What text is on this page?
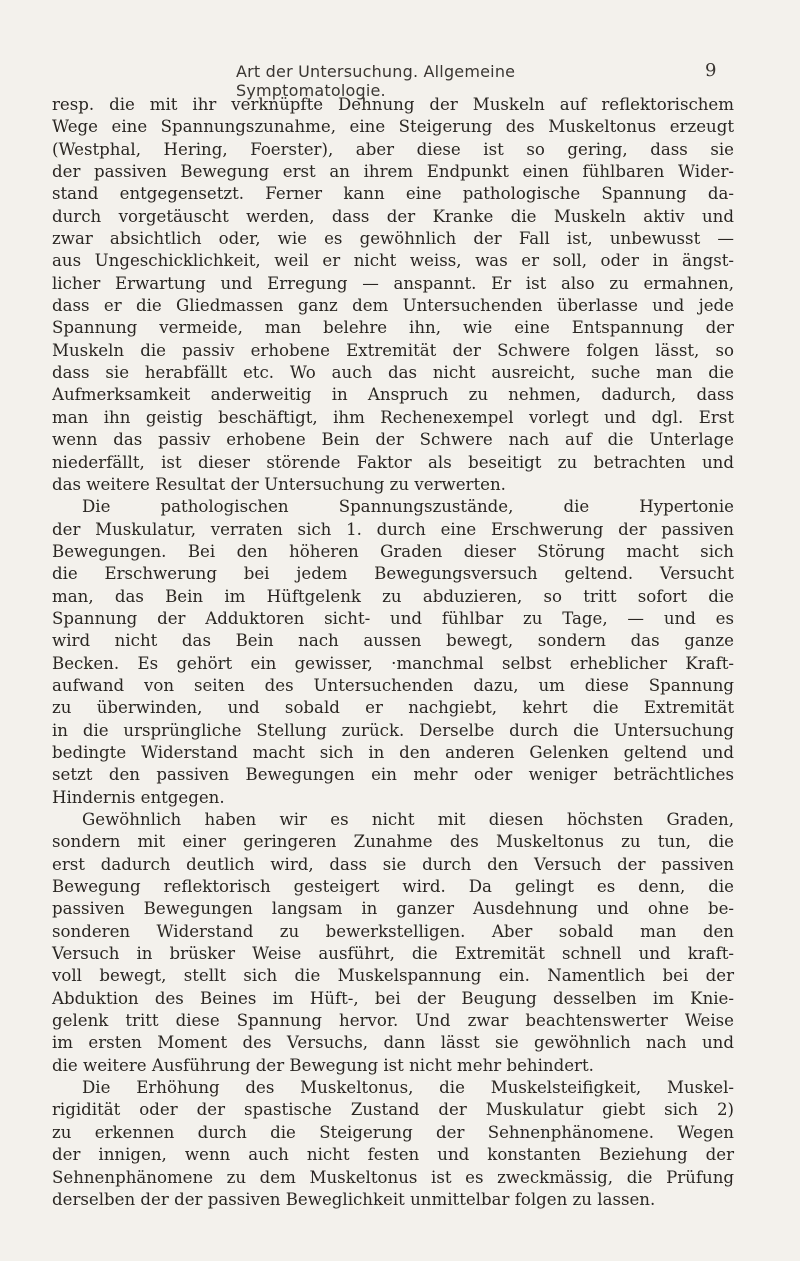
Art der Untersuchung. Allgemeine Symptomatologie.
9
resp. die mit ihr verknüpfte Dehnung der Muskeln auf reflektorischem
Wege eine Spannungszunahme, eine Steigerung des Muskeltonus erzeugt
(Westphal, Hering, Foerster), aber diese ist so gering, dass sie
der passiven Bewegung erst an ihrem Endpunkt einen fühlbaren Wider-
stand entgegensetzt. Ferner kann eine pathologische Spannung da-
durch vorgetäuscht werden, dass der Kranke die Muskeln aktiv und
zwar absichtlich oder, wie es gewöhnlich der Fall ist, unbewusst —
aus Ungeschicklichkeit, weil er nicht weiss, was er soll, oder in ängst-
licher Erwartung und Erregung — anspannt. Er ist also zu ermahnen,
dass er die Gliedmassen ganz dem Untersuchenden überlasse und jede
Spannung vermeide, man belehre ihn, wie eine Entspannung der
Muskeln die passiv erhobene Extremität der Schwere folgen lässt, so
dass sie herabfällt etc. Wo auch das nicht ausreicht, suche man die
Aufmerksamkeit anderweitig in Anspruch zu nehmen, dadurch, dass
man ihn geistig beschäftigt, ihm Rechenexempel vorlegt und dgl. Erst
wenn das passiv erhobene Bein der Schwere nach auf die Unterlage
niederfällt, ist dieser störende Faktor als beseitigt zu betrachten und
das weitere Resultat der Untersuchung zu verwerten.
Die pathologischen Spannungszustände, die Hypertonie
der Muskulatur, verraten sich 1. durch eine Erschwerung der passiven
Bewegungen. Bei den höheren Graden dieser Störung macht sich
die Erschwerung bei jedem Bewegungsversuch geltend. Versucht
man, das Bein im Hüftgelenk zu abduzieren, so tritt sofort die
Spannung der Adduktoren sicht- und fühlbar zu Tage, — und es
wird nicht das Bein nach aussen bewegt, sondern das ganze
Becken. Es gehört ein gewisser, ·manchmal selbst erheblicher Kraft-
aufwand von seiten des Untersuchenden dazu, um diese Spannung
zu überwinden, und sobald er nachgiebt, kehrt die Extremität
in die ursprüngliche Stellung zurück. Derselbe durch die Untersuchung
bedingte Widerstand macht sich in den anderen Gelenken geltend und
setzt den passiven Bewegungen ein mehr oder weniger beträchtliches
Hindernis entgegen.
Gewöhnlich haben wir es nicht mit diesen höchsten Graden,
sondern mit einer geringeren Zunahme des Muskeltonus zu tun, die
erst dadurch deutlich wird, dass sie durch den Versuch der passiven
Bewegung reflektorisch gesteigert wird. Da gelingt es denn, die
passiven Bewegungen langsam in ganzer Ausdehnung und ohne be-
sonderen Widerstand zu bewerkstelligen. Aber sobald man den
Versuch in brüsker Weise ausführt, die Extremität schnell und kraft-
voll bewegt, stellt sich die Muskelspannung ein. Namentlich bei der
Abduktion des Beines im Hüft-, bei der Beugung desselben im Knie-
gelenk tritt diese Spannung hervor. Und zwar beachtenswerter Weise
im ersten Moment des Versuchs, dann lässt sie gewöhnlich nach und
die weitere Ausführung der Bewegung ist nicht mehr behindert.
Die Erhöhung des Muskeltonus, die Muskelsteifigkeit, Muskel-
rigidität oder der spastische Zustand der Muskulatur giebt sich 2)
zu erkennen durch die Steigerung der Sehnenphänomene. Wegen
der innigen, wenn auch nicht festen und konstanten Beziehung der
Sehnenphänomene zu dem Muskeltonus ist es zweckmässig, die Prüfung
derselben der der passiven Beweglichkeit unmittelbar folgen zu lassen.
